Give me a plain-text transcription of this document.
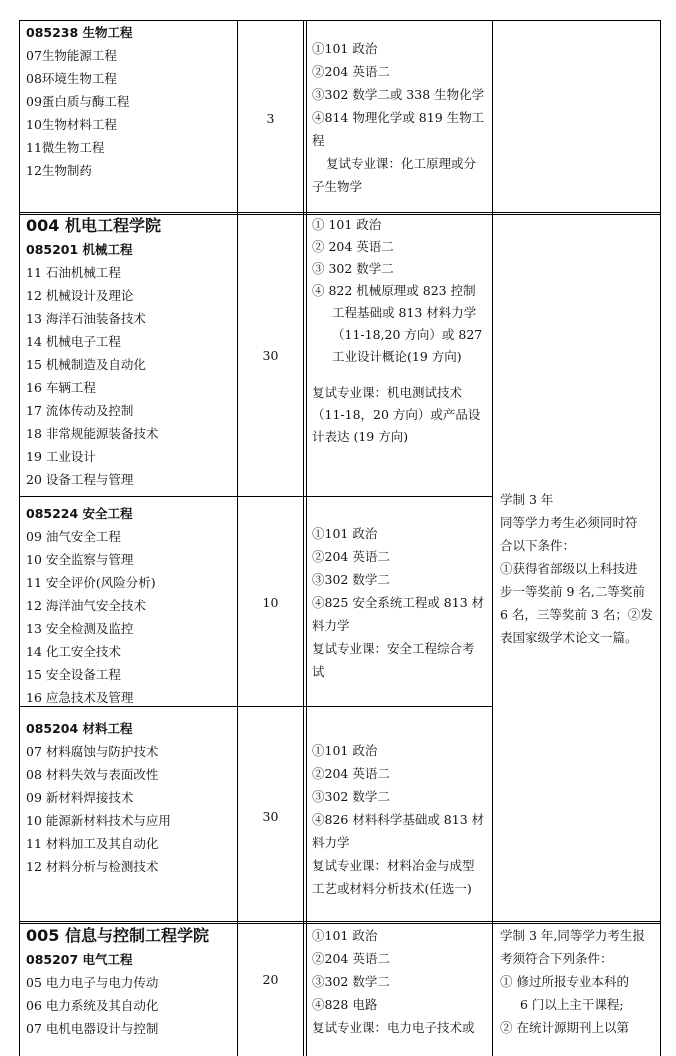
085238 生物工程
07生物能源工程
08环境生物工程
09蛋白质与酶工程
10生物材料工程
11微生物工程
12生物制药
3
①101 政治
②204 英语二
③302 数学二或 338 生物化学
④814 物理化学或 819 生物工
程
复试专业课：化工原理或分
子生物学
004 机电工程学院
085201 机械工程
11 石油机械工程
12 机械设计及理论
13 海洋石油装备技术
14 机械电子工程
15 机械制造及自动化
16 车辆工程
17 流体传动及控制
18 非常规能源装备技术
19 工业设计
20 设备工程与管理
30
① 101 政治
② 204 英语二
③ 302 数学二
④ 822 机械原理或 823 控制
工程基础或 813 材料力学
（11-18,20 方向）或 827
工业设计概论(19 方向)
复试专业课：机电测试技术
（11-18，20 方向）或产品设
计表达 (19 方向)
学制 3 年
同等学力考生必须同时符
合以下条件：
①获得省部级以上科技进
步一等奖前 9 名,二等奖前
6 名，三等奖前 3 名；②发
表国家级学术论文一篇。
085224 安全工程
09 油气安全工程
10 安全监察与管理
11 安全评价(风险分析)
12 海洋油气安全技术
13 安全检测及监控
14 化工安全技术
15 安全设备工程
16 应急技术及管理
10
①101 政治
②204 英语二
③302 数学二
④825 安全系统工程或 813 材
料力学
复试专业课：安全工程综合考
试
085204 材料工程
07 材料腐蚀与防护技术
08 材料失效与表面改性
09 新材料焊接技术
10 能源新材料技术与应用
11 材料加工及其自动化
12 材料分析与检测技术
30
①101 政治
②204 英语二
③302 数学二
④826 材料科学基础或 813 材
料力学
复试专业课：材料冶金与成型
工艺或材料分析技术(任选一)
005 信息与控制工程学院
085207 电气工程
05 电力电子与电力传动
06 电力系统及其自动化
07 电机电器设计与控制
20
①101 政治
②204 英语二
③302 数学二
④828 电路
复试专业课：电力电子技术或
学制 3 年,同等学力考生报
考须符合下列条件：
① 修过所报专业本科的
6 门以上主干课程;
② 在统计源期刊上以第
